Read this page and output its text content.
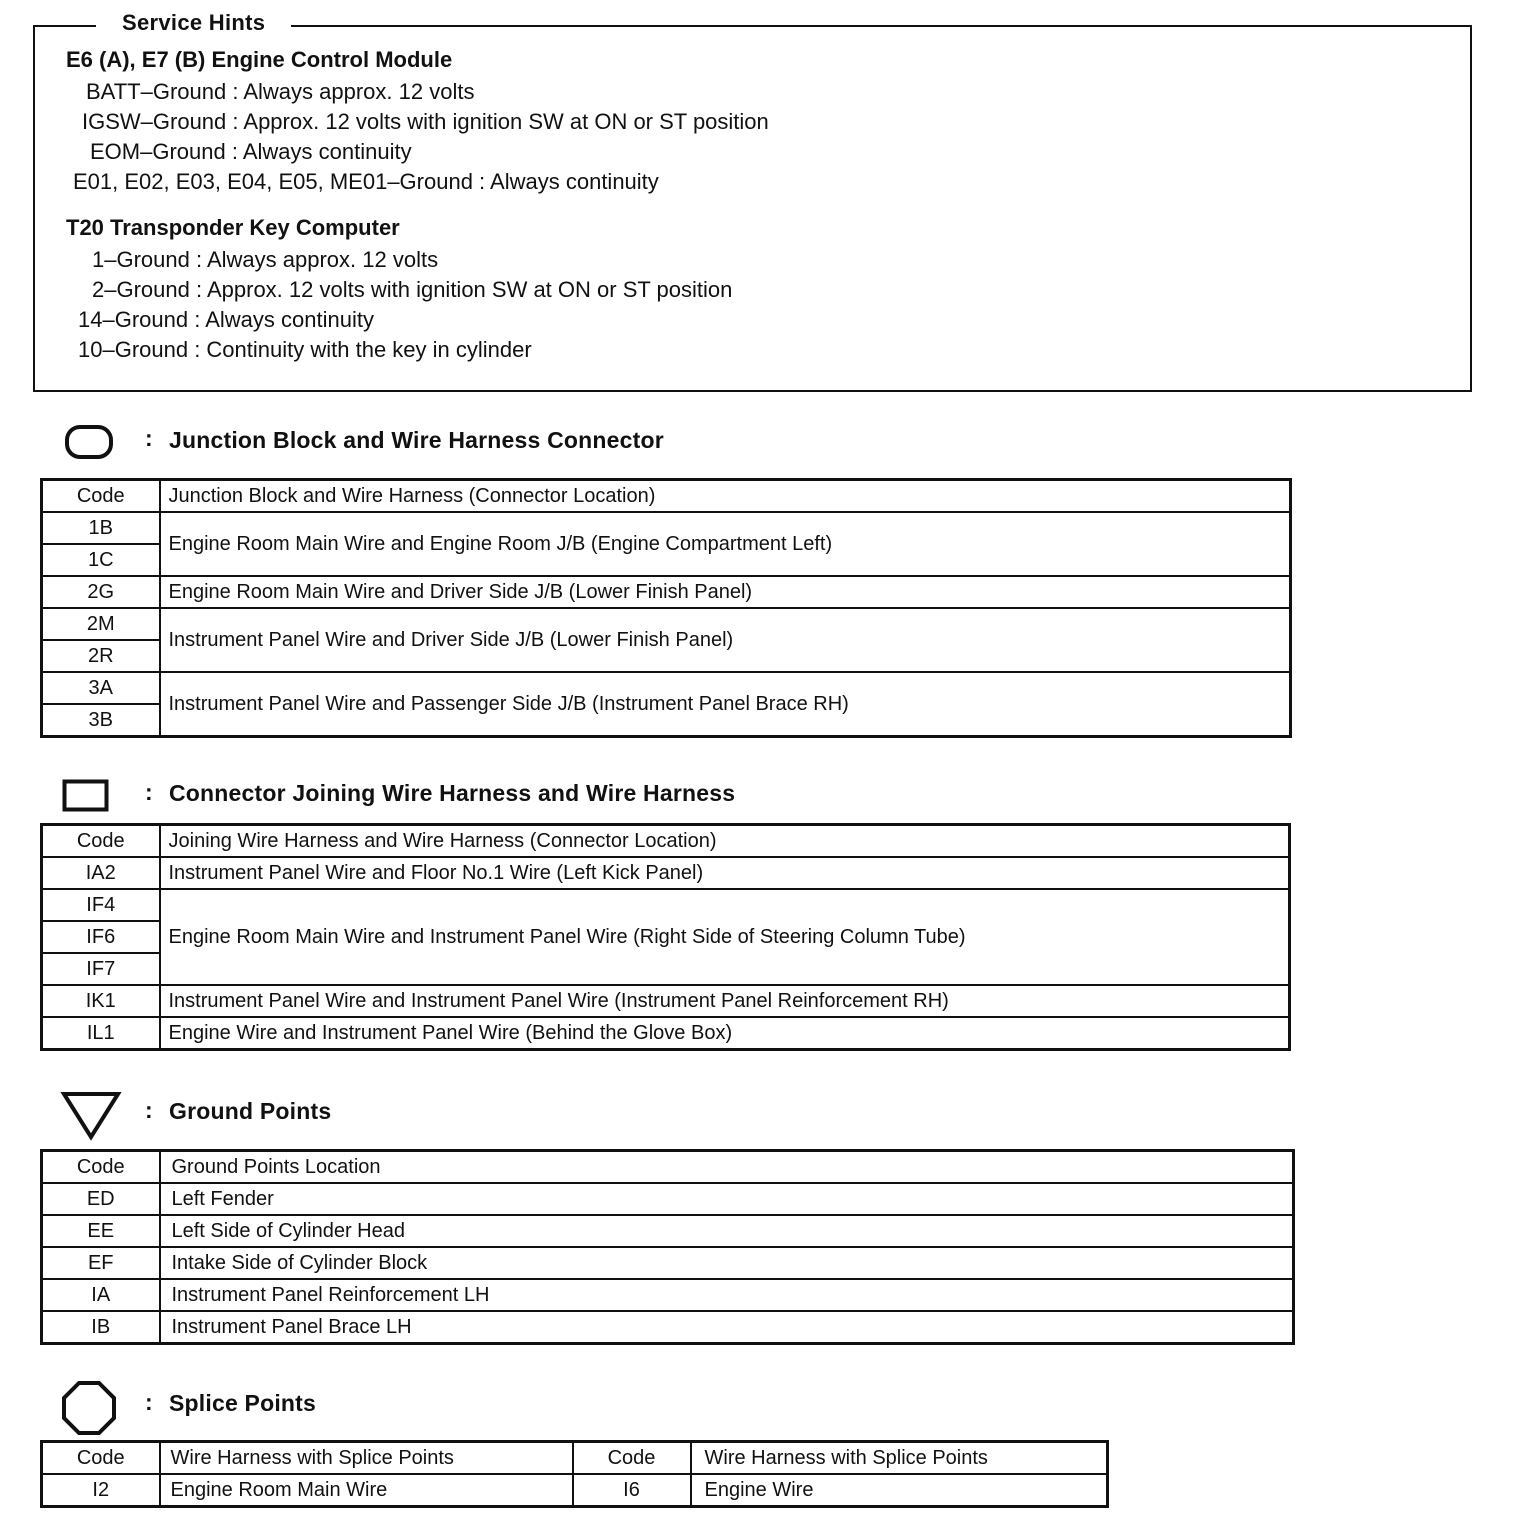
Service Hints
E6 (A), E7 (B) Engine Control Module
BATT–Ground : Always approx. 12 volts
IGSW–Ground : Approx. 12 volts with ignition SW at ON or ST position
EOM–Ground : Always continuity
E01, E02, E03, E04, E05, ME01–Ground : Always continuity
T20 Transponder Key Computer
1–Ground : Always approx. 12 volts
2–Ground : Approx. 12 volts with ignition SW at ON or ST position
14–Ground : Always continuity
10–Ground : Continuity with the key in cylinder
: Junction Block and Wire Harness Connector
Code	Junction Block and Wire Harness (Connector Location)
1B	Engine Room Main Wire and Engine Room J/B (Engine Compartment Left)
1C	
2G	Engine Room Main Wire and Driver Side J/B (Lower Finish Panel)
2M	Instrument Panel Wire and Driver Side J/B (Lower Finish Panel)
2R	
3A	Instrument Panel Wire and Passenger Side J/B (Instrument Panel Brace RH)
3B	
: Connector Joining Wire Harness and Wire Harness
Code	Joining Wire Harness and Wire Harness (Connector Location)
IA2	Instrument Panel Wire and Floor No.1 Wire (Left Kick Panel)
IF4	Engine Room Main Wire and Instrument Panel Wire (Right Side of Steering Column Tube)
IF6	
IF7	
IK1	Instrument Panel Wire and Instrument Panel Wire (Instrument Panel Reinforcement RH)
IL1	Engine Wire and Instrument Panel Wire (Behind the Glove Box)
: Ground Points
Code	Ground Points Location
ED	Left Fender
EE	Left Side of Cylinder Head
EF	Intake Side of Cylinder Block
IA	Instrument Panel Reinforcement LH
IB	Instrument Panel Brace LH
: Splice Points
Code	Wire Harness with Splice Points	Code	Wire Harness with Splice Points
I2	Engine Room Main Wire	I6	Engine Wire
